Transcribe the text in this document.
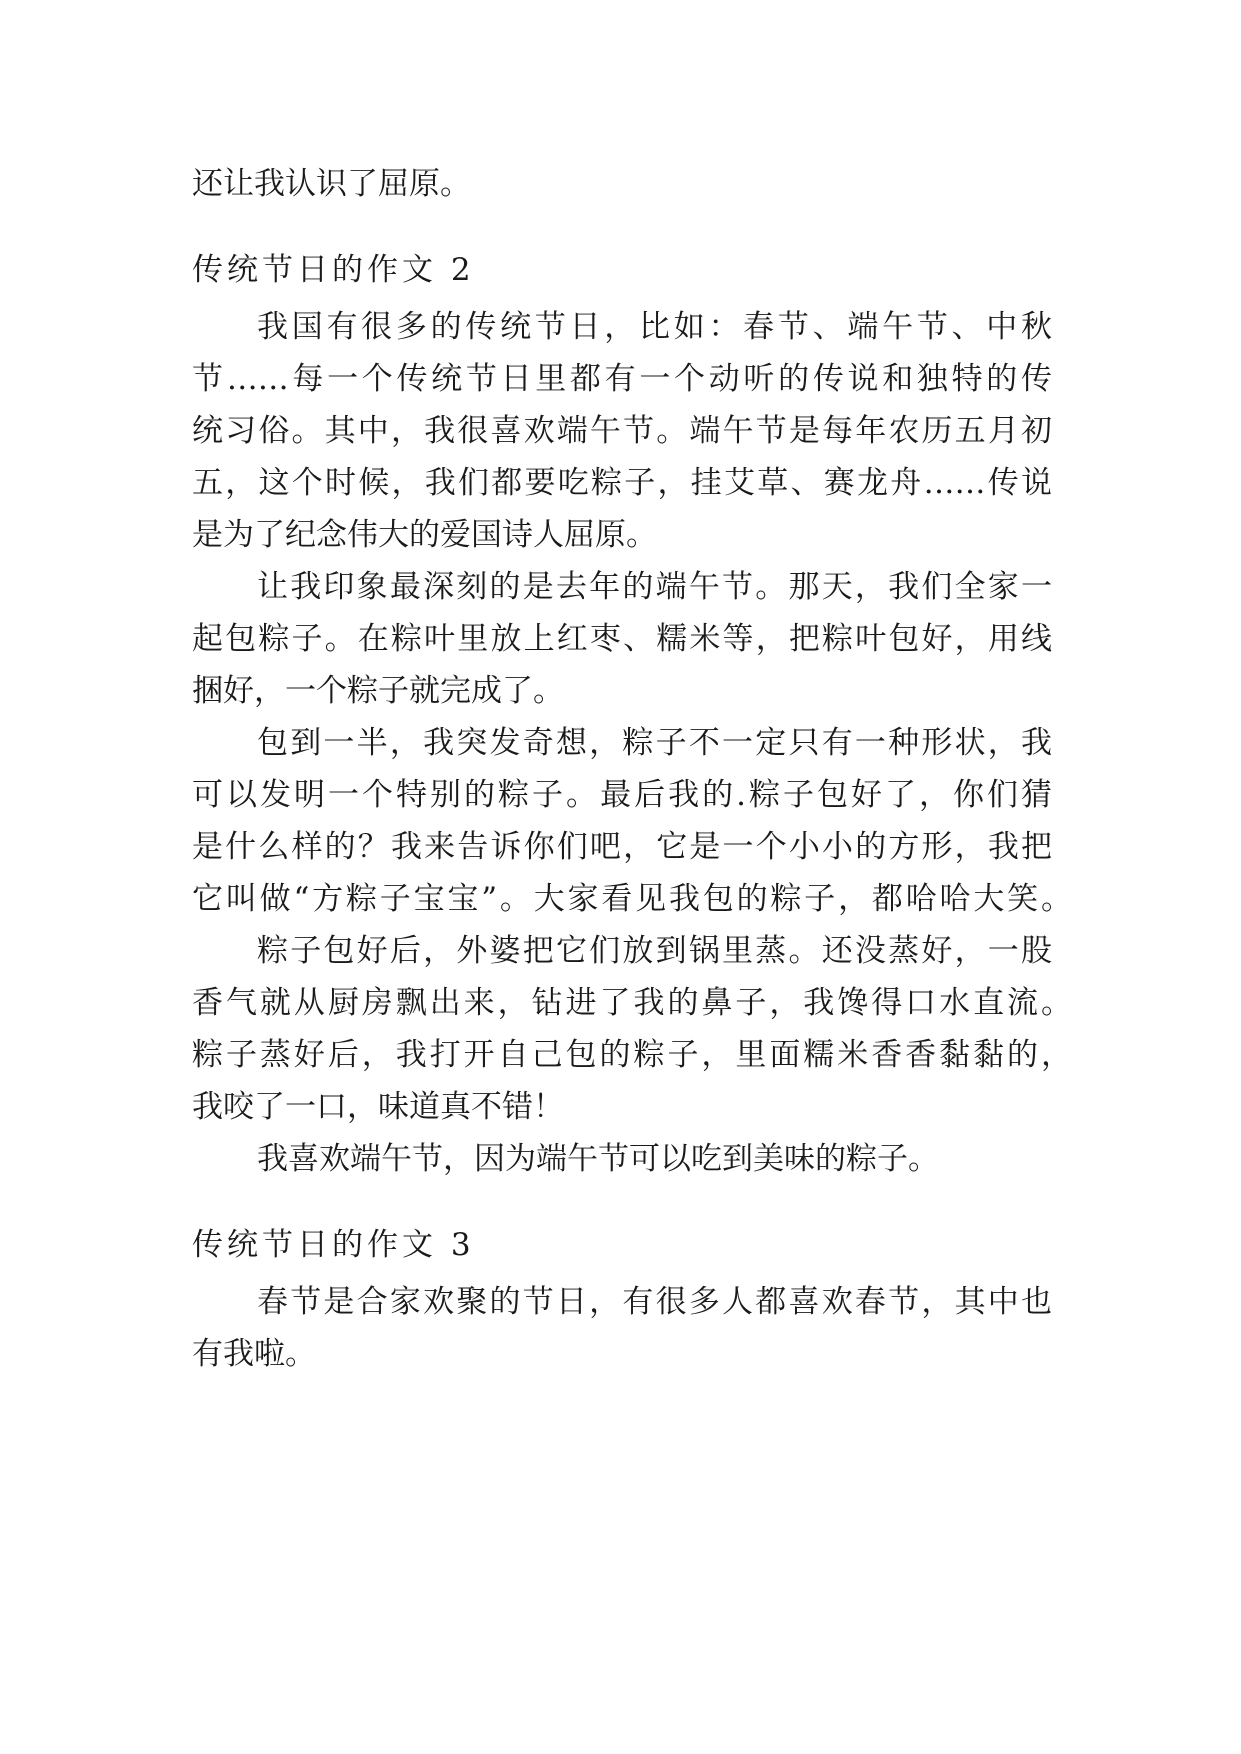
还让我认识了屈原。
传统节日的作文 2
我国有很多的传统节日，比如：春节、端午节、中秋
节……每一个传统节日里都有一个动听的传说和独特的传
统习俗。其中，我很喜欢端午节。端午节是每年农历五月初
五，这个时候，我们都要吃粽子，挂艾草、赛龙舟……传说
是为了纪念伟大的爱国诗人屈原。
让我印象最深刻的是去年的端午节。那天，我们全家一
起包粽子。在粽叶里放上红枣、糯米等，把粽叶包好，用线
捆好，一个粽子就完成了。
包到一半，我突发奇想，粽子不一定只有一种形状，我
可以发明一个特别的粽子。最后我的.粽子包好了，你们猜
是什么样的？我来告诉你们吧，它是一个小小的方形，我把
它叫做“方粽子宝宝”。大家看见我包的粽子，都哈哈大笑。
粽子包好后，外婆把它们放到锅里蒸。还没蒸好，一股
香气就从厨房飘出来，钻进了我的鼻子，我馋得口水直流。
粽子蒸好后，我打开自己包的粽子，里面糯米香香黏黏的，
我咬了一口，味道真不错！
我喜欢端午节，因为端午节可以吃到美味的粽子。
传统节日的作文 3
春节是合家欢聚的节日，有很多人都喜欢春节，其中也
有我啦。
